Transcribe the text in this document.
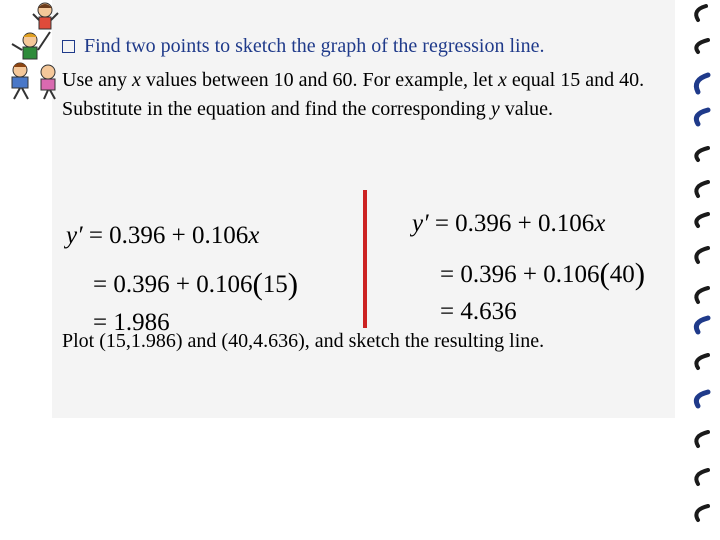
Find two points to sketch the graph of the regression line.
Use any x values between 10 and 60. For example, let x equal 15 and 40. Substitute in the equation and find the corresponding y value.
y′ = 0.396 + 0.106x
= 0.396 + 0.106(15)
= 1.986
y′ = 0.396 + 0.106x
= 0.396 + 0.106(40)
= 4.636
Plot (15,1.986) and (40,4.636), and sketch the resulting line.
